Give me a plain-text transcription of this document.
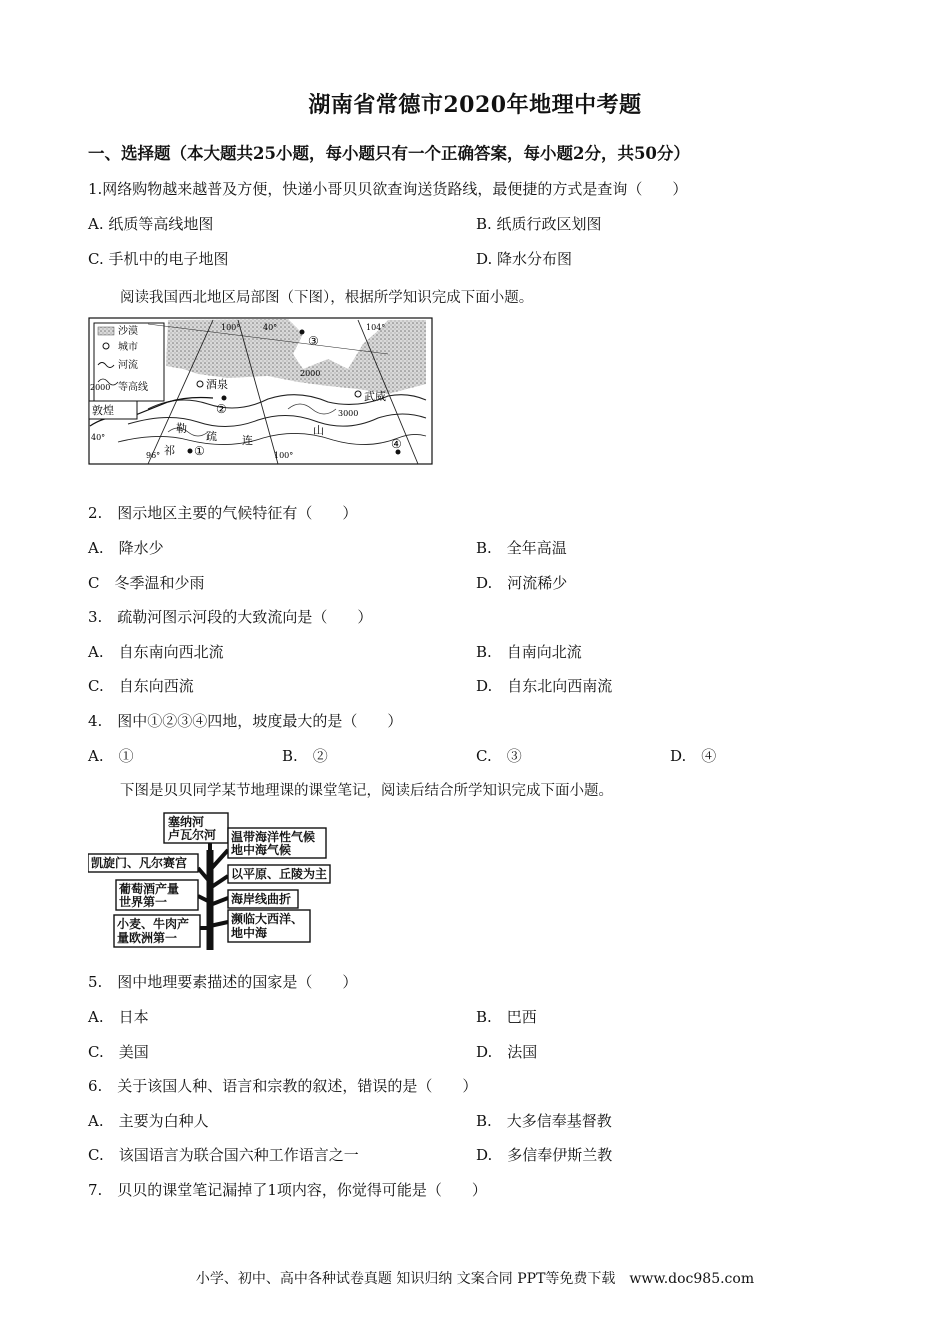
湖南省常德市2020年地理中考题
一、选择题（本大题共25小题，每小题只有一个正确答案，每小题2分，共50分）
1.网络购物越来越普及方便，快递小哥贝贝欲查询送货路线，最便捷的方式是查询（　　）
A. 纸质等高线地图	B. 纸质行政区划图
C. 手机中的电子地图	D. 降水分布图
阅读我国西北地区局部图（下图），根据所学知识完成下面小题。
沙漠
城市
河流
2000 等高线
敦煌
酒泉
武威
①
②
③
④
2000
3000
勒
疏 连
山
祁
100°	40°	104°
40°
96°	100°
2.　图示地区主要的气候特征有（　　）
A.　降水少	B.　全年高温
C　冬季温和少雨	D.　河流稀少
3.　疏勒河图示河段的大致流向是（　　）
A.　自东南向西北流	B.　自南向北流
C.　自东向西流	D.　自东北向西南流
4.　图中①②③④四地，坡度最大的是（　　）
A.　①	B.　②	C.　③	D.　④
下图是贝贝同学某节地理课的课堂笔记，阅读后结合所学知识完成下面小题。
塞纳河
卢瓦尔河 温带海洋性气候
地中海气候
凯旋门、凡尔赛宫
以平原、丘陵为主
葡萄酒产量
世界第一	海岸线曲折
小麦、牛肉产
量欧洲第一
濒临大西洋、
地中海
5.　图中地理要素描述的国家是（　　）
A.　日本	B.　巴西
C.　美国	D.　法国
6.　关于该国人种、语言和宗教的叙述，错误的是（　　）
A.　主要为白种人	B.　大多信奉基督教
C.　该国语言为联合国六种工作语言之一	D.　多信奉伊斯兰教
7.　贝贝的课堂笔记漏掉了1项内容，你觉得可能是（　　）
小学、初中、高中各种试卷真题 知识归纳 文案合同 PPT等免费下载　www.doc985.com
